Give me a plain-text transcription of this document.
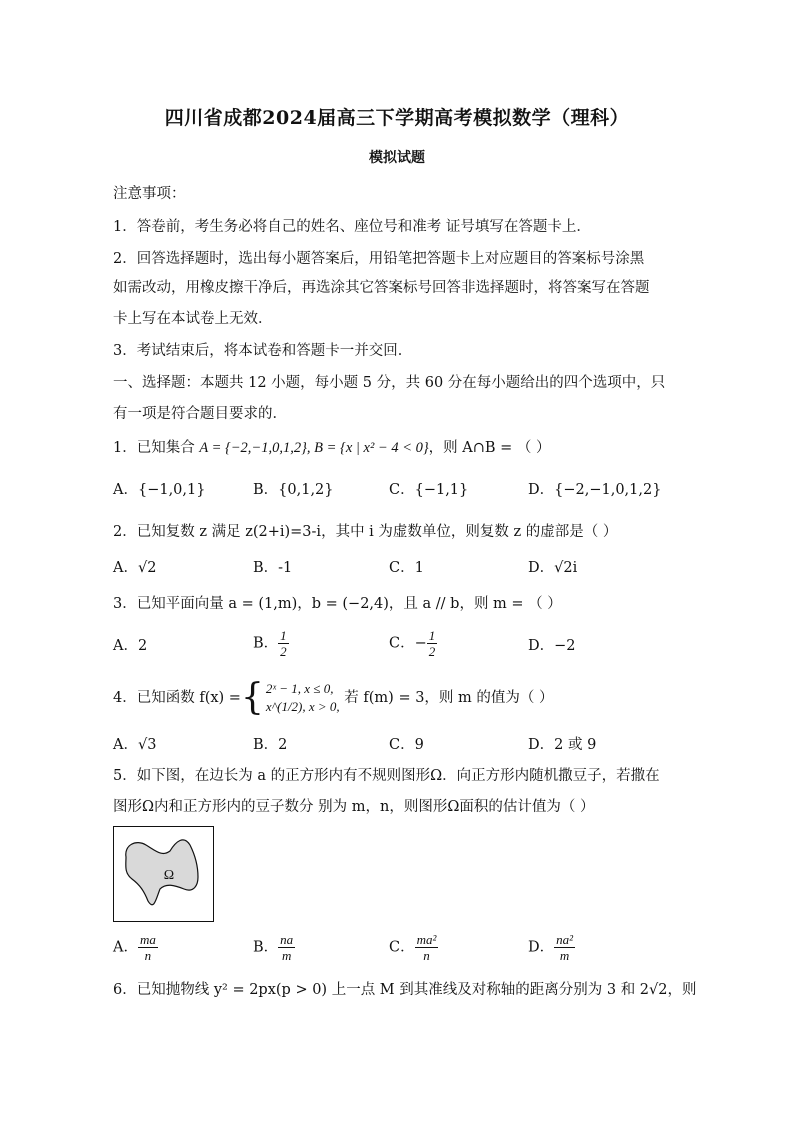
四川省成都2024届高三下学期高考模拟数学（理科）
模拟试题
注意事项：
1．答卷前，考生务必将自己的姓名、座位号和准考 证号填写在答题卡上．
2．回答选择题时，选出每小题答案后，用铅笔把答题卡上对应题目的答案标号涂黑
如需改动，用橡皮擦干净后，再选涂其它答案标号回答非选择题时，将答案写在答题
卡上写在本试卷上无效．
3．考试结束后，将本试卷和答题卡一并交回．
一、选择题：本题共 12 小题，每小题 5 分，共 60 分在每小题给出的四个选项中，只
有一项是符合题目要求的．
1．已知集合 A = {−2,−1,0,1,2}, B = {x | x² − 4 < 0}，则 A∩B = （ ）
A．{−1,0,1}	B．{0,1,2}	C．{−1,1}	D．{−2,−1,0,1,2}
2．已知复数 z 满足 z(2+i)=3-i，其中 i 为虚数单位，则复数 z 的虚部是（ ）
A．√2	B．-1	C．1	D．√2i
3．已知平面向量 a = (1,m)，b = (−2,4)，且 a // b，则 m = （ ）
A．2	B． $\frac{1}{2}$	C．− $\frac{1}{2}$	D．−2
4．已知函数 f(x) ={ 2ˣ − 1, x ≤ 0,
x^(1/2), x > 0,
若 f(m) = 3，则 m 的值为（ ）
A．√3	B．2	C．9	D．2 或 9
5．如下图，在边长为 a 的正方形内有不规则图形Ω．向正方形内随机撒豆子，若撒在
图形Ω内和正方形内的豆子数分 别为 m，n，则图形Ω面积的估计值为（ ）
Ω
A． $\frac{ma}{n}$	B． $\frac{na}{m}$	C． $\frac{\text{ma²}}{n}$	D． $\frac{\text{na²}}{m}$
6．已知抛物线 y² = 2px(p > 0) 上一点 M 到其准线及对称轴的距离分别为 3 和 2√2，则
